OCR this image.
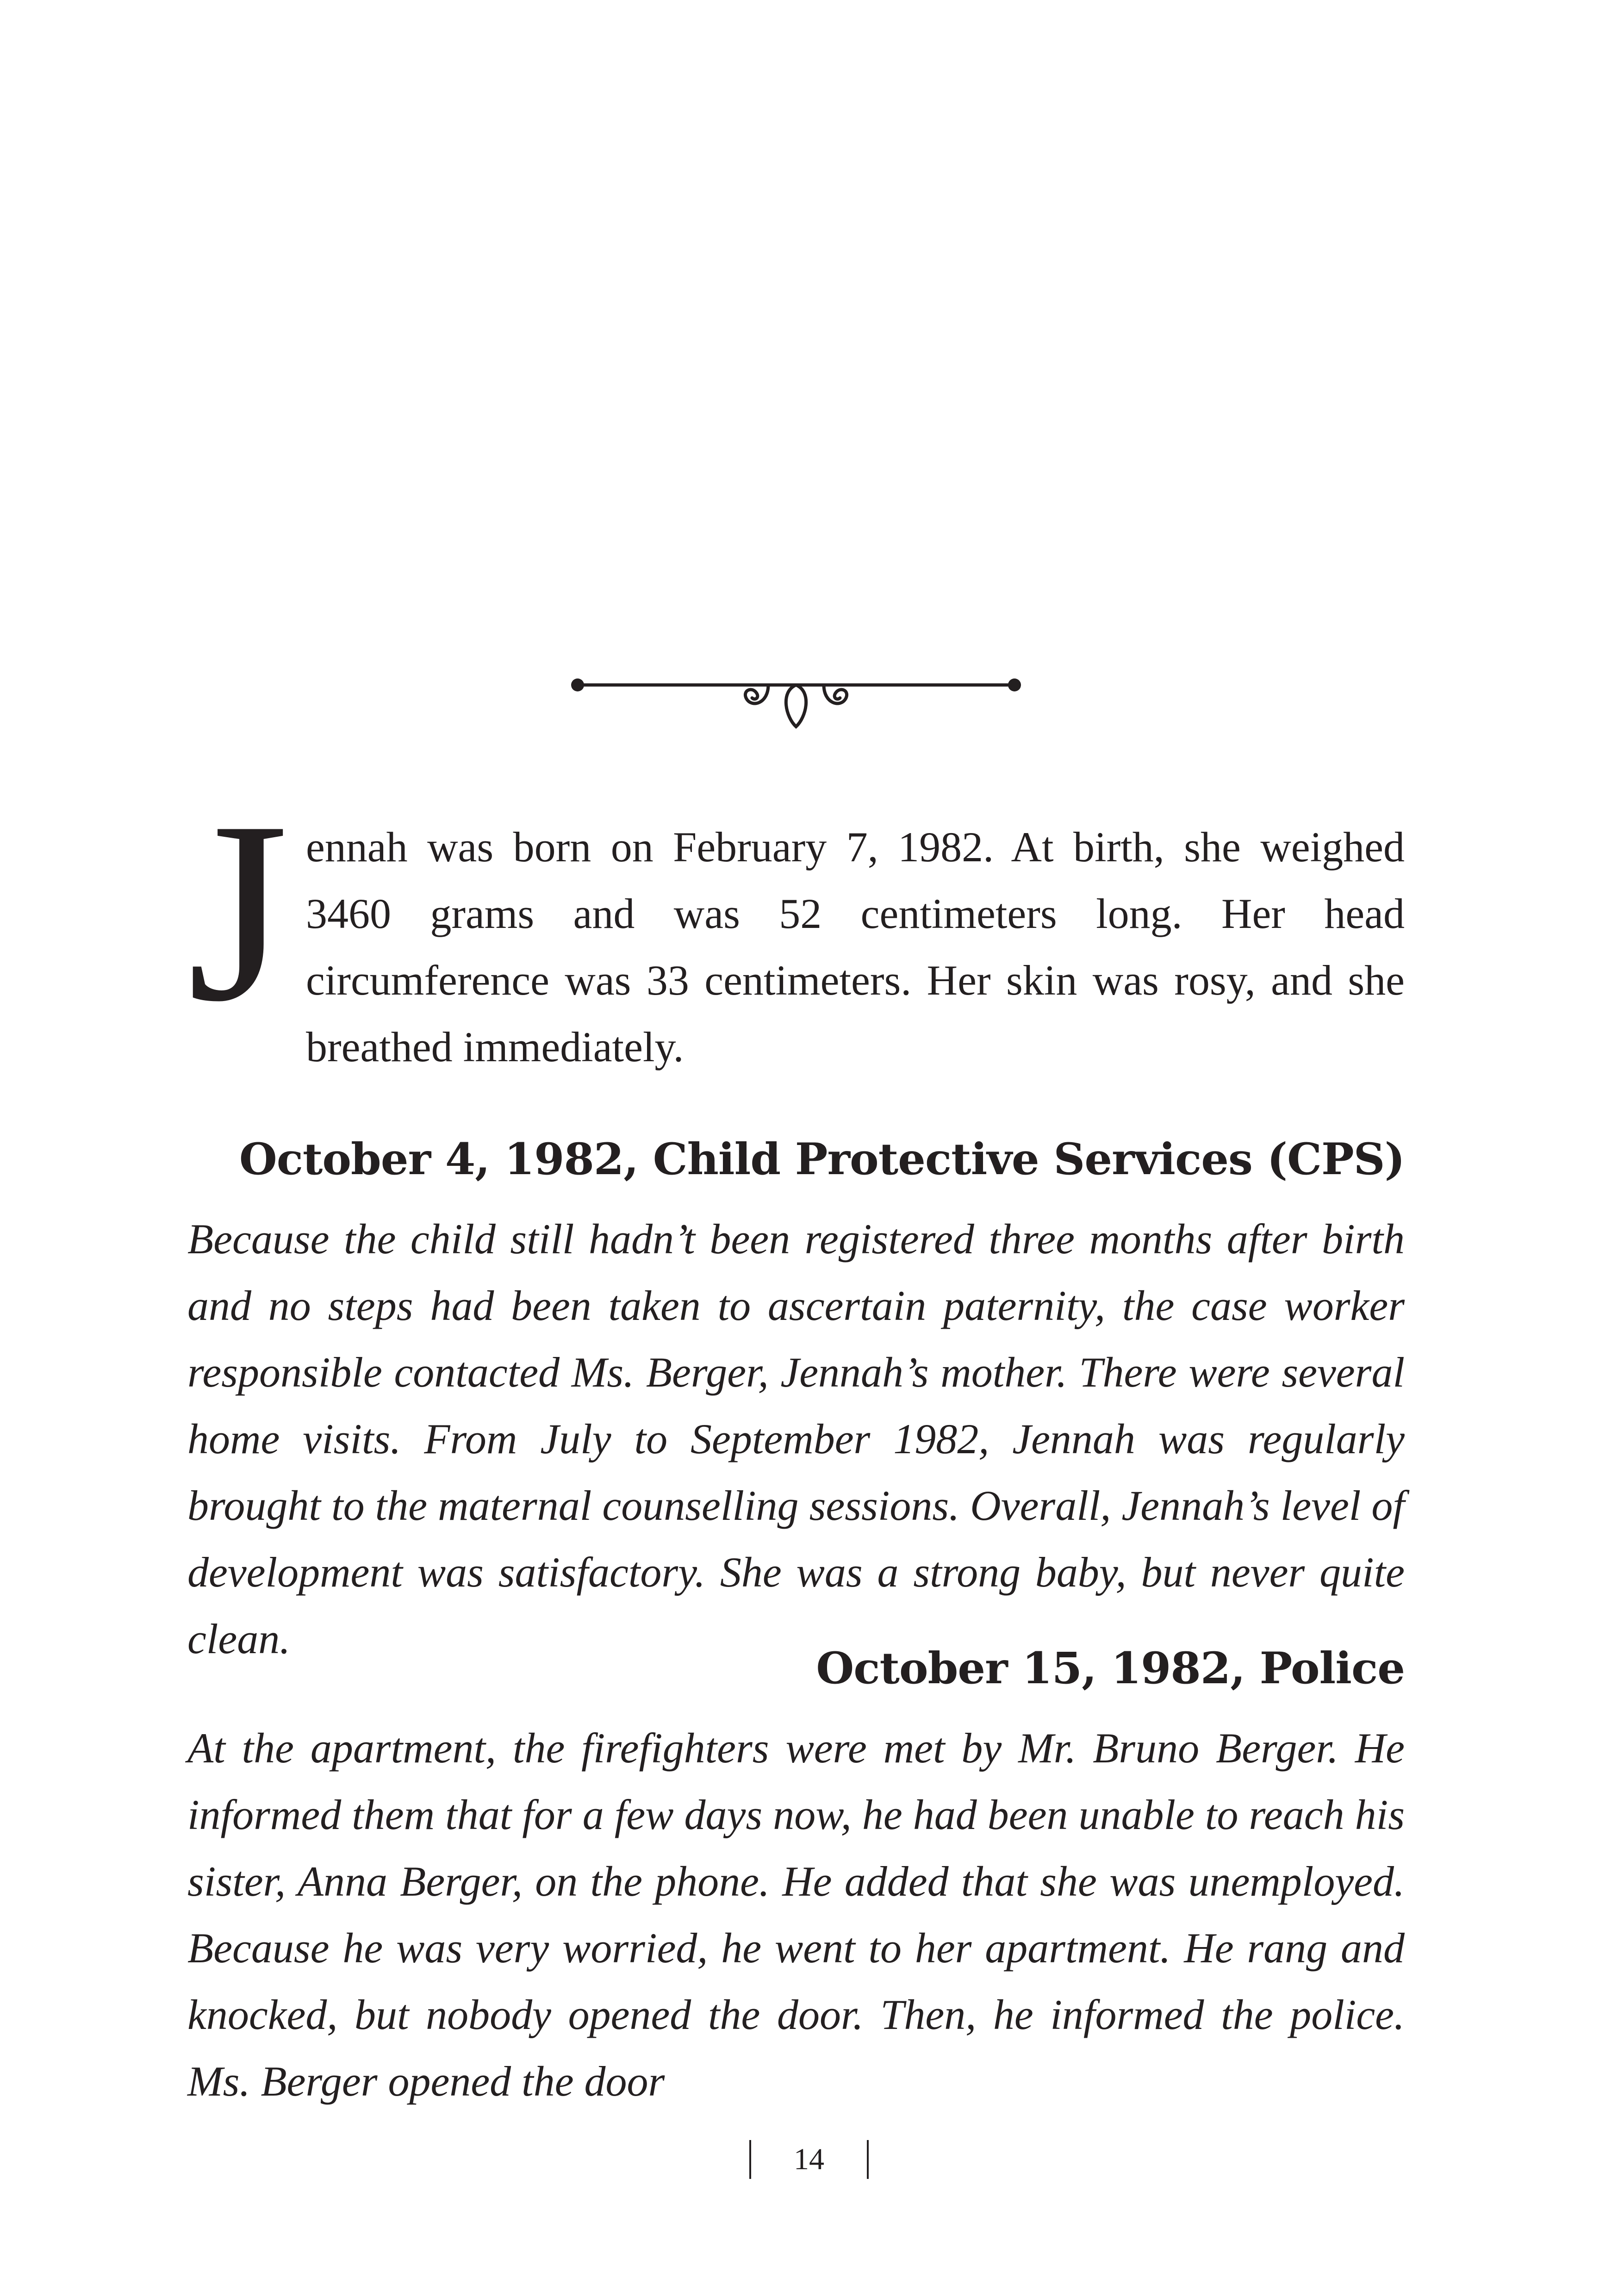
Jennah was born on February 7, 1982. At birth, she weighed 3460 grams and was 52 centimeters long. Her head circumference was 33 centimeters. Her skin was rosy, and she breathed immediately.
October 4, 1982, Child Protective Services (CPS)

Because the child still hadn’t been registered three months after birth and no steps had been taken to ascertain paternity, the case worker responsible contacted Ms. Berger, Jennah’s mother. There were several home visits. From July to September 1982, Jennah was regularly brought to the maternal counselling sessions. Overall, Jennah’s level of development was satisfactory. She was a strong baby, but never quite clean.

October 15, 1982, Police

At the apartment, the firefighters were met by Mr. Bruno Berger. He informed them that for a few days now, he had been unable to reach his sister, Anna Berger, on the phone. He added that she was unemployed. Because he was very worried, he went to her apartment. He rang and knocked, but nobody opened the door. Then, he informed the police. Ms. Berger opened the door

14
